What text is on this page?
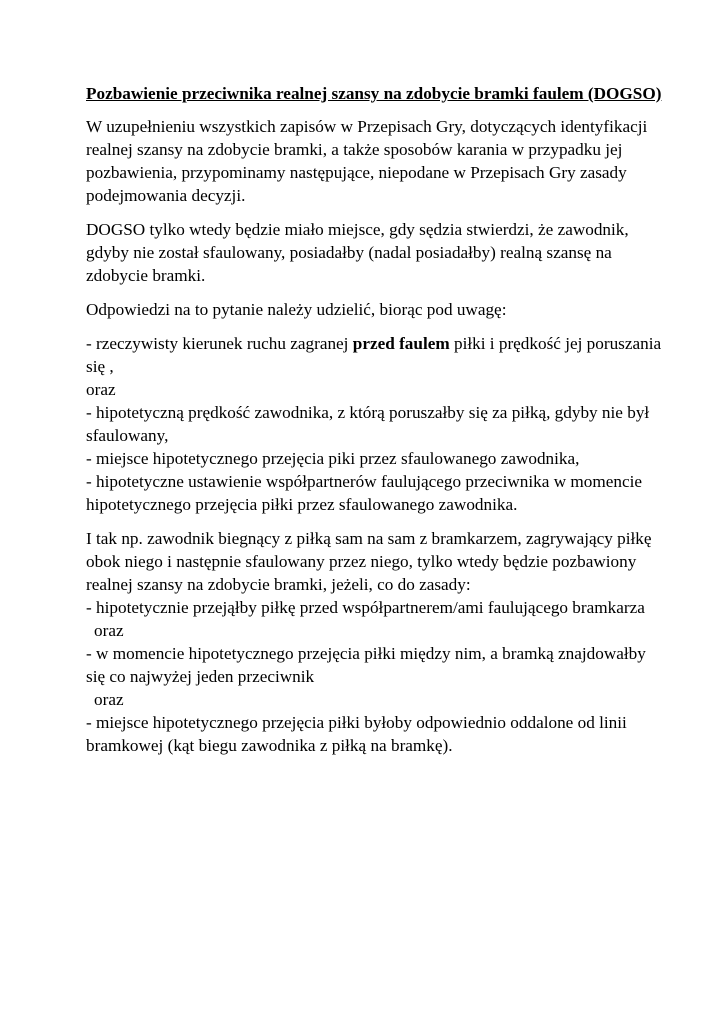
Pozbawienie przeciwnika realnej szansy na zdobycie bramki faulem (DOGSO)

W uzupełnieniu wszystkich zapisów w Przepisach Gry, dotyczących identyfikacji realnej szansy na zdobycie bramki, a także sposobów karania w przypadku jej pozbawienia, przypominamy następujące, niepodane w Przepisach Gry zasady podejmowania decyzji.

DOGSO tylko wtedy będzie miało miejsce, gdy sędzia stwierdzi, że zawodnik, gdyby nie został sfaulowany, posiadałby (nadal posiadałby) realną szansę na zdobycie bramki.

Odpowiedzi na to pytanie należy udzielić, biorąc pod uwagę:

- rzeczywisty kierunek ruchu zagranej przed faulem piłki i prędkość jej poruszania się ,
oraz
- hipotetyczną prędkość zawodnika, z którą poruszałby się za piłką, gdyby nie był sfaulowany,
- miejsce hipotetycznego przejęcia piki przez sfaulowanego zawodnika,
- hipotetyczne ustawienie współpartnerów faulującego przeciwnika w momencie hipotetycznego przejęcia piłki przez sfaulowanego zawodnika.

I tak np. zawodnik biegnący z piłką sam na sam z bramkarzem, zagrywający piłkę obok niego i następnie sfaulowany przez niego, tylko wtedy będzie pozbawiony realnej szansy na zdobycie bramki, jeżeli, co do zasady:
- hipotetycznie przejąłby piłkę przed współpartnerem/ami faulującego bramkarza
oraz
- w momencie hipotetycznego przejęcia piłki między nim, a bramką znajdowałby się co najwyżej jeden przeciwnik
oraz
- miejsce hipotetycznego przejęcia piłki byłoby odpowiednio oddalone od linii bramkowej (kąt biegu zawodnika z piłką na bramkę).
